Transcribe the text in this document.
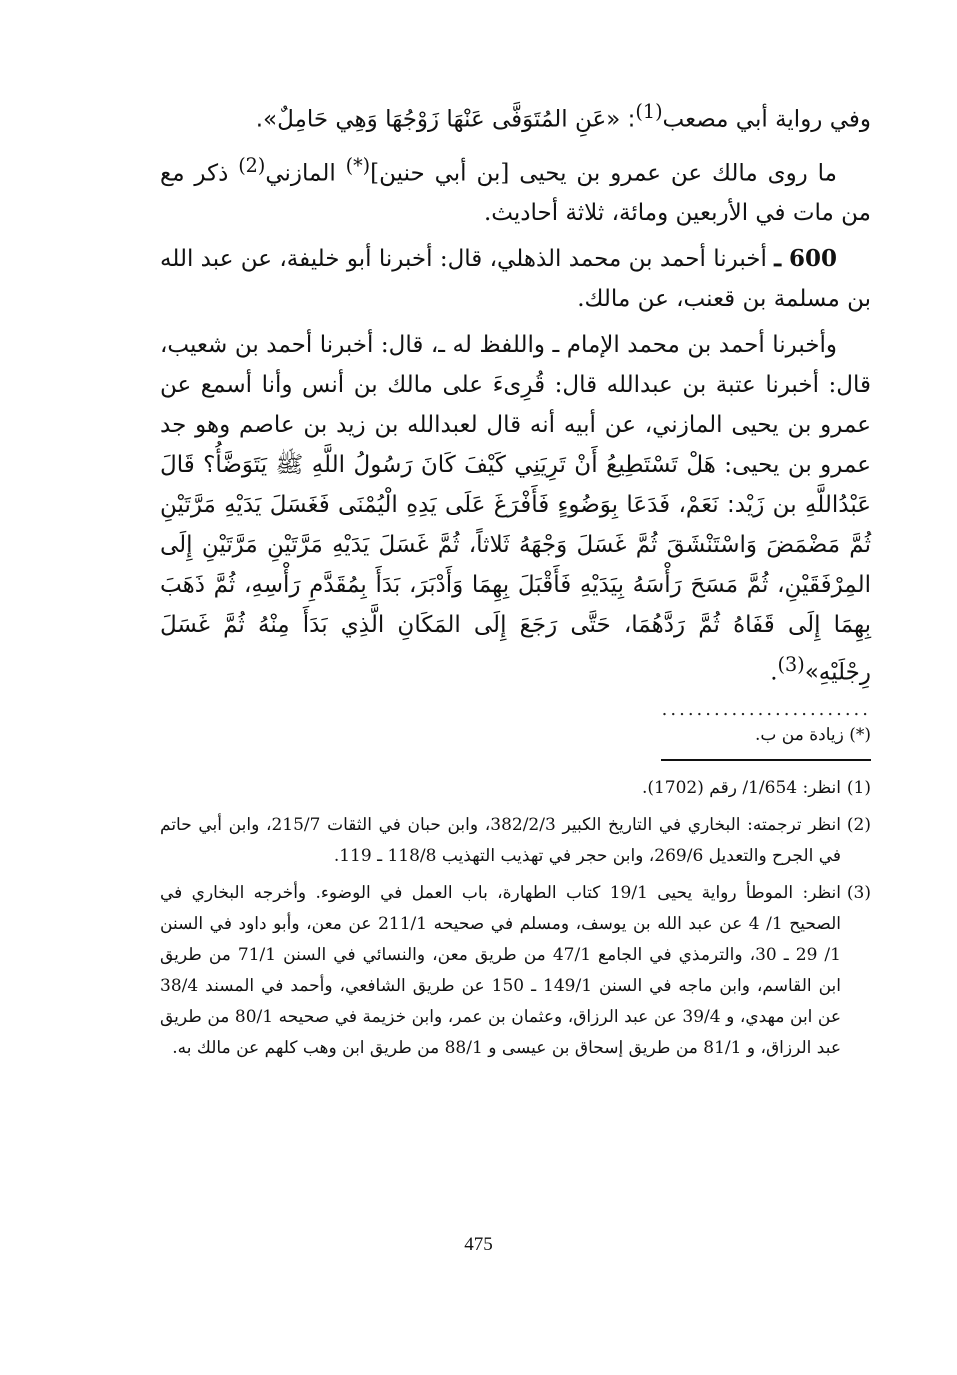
وفي رواية أبي مصعب$^{(1)}$: «عَنِ المُتَوَفَّى عَنْهَا زَوْجُهَا وَهِي حَامِلٌ».

ما روى مالك عن عمرو بن يحيى [بن أبي حنين](*) المازني$^{(2)}$ ذكر مع من مات في الأربعين ومائة، ثلاثة أحاديث.

600 ـ أخبرنا أحمد بن محمد الذهلي، قال: أخبرنا أبو خليفة، عن عبد الله بن مسلمة بن قعنب، عن مالك.

وأخبرنا أحمد بن محمد الإمام ـ واللفظ له ـ، قال: أخبرنا أحمد بن شعيب، قال: أخبرنا عتبة بن عبدالله قال: قُرِىءَ على مالك بن أنس وأنا أسمع عن عمرو بن يحيى المازني، عن أبيه أنه قال لعبدالله بن زيد بن عاصم وهو جد عمرو بن يحيى: هَلْ تَسْتَطِيعُ أَنْ تَرِيَنِي كَيْفَ كَانَ رَسُولُ اللَّهِ ﷺ يَتَوَضَّأُ؟ قَالَ عَبْدُاللَّهِ بن زَيْد: نَعَمْ، فَدَعَا بِوَضُوءٍ فَأَفْرَغَ عَلَى يَدِهِ الْيُمْنَى فَغَسَلَ يَدَيْهِ مَرَّتَيْنِ ثُمَّ مَضْمَضَ وَاسْتَنْشَقَ ثُمَّ غَسَلَ وَجْهَهُ ثَلاثاً، ثُمَّ غَسَلَ يَدَيْهِ مَرَّتَيْنِ مَرَّتَيْنِ إِلَى المِرْفَقَيْنِ، ثُمَّ مَسَحَ رَأْسَهُ بِيَدَيْهِ فَأَقْبَلَ بِهِمَا وَأَدْبَرَ، بَدَأَ بِمُقَدَّمِ رَأْسِهِ، ثُمَّ ذَهَبَ بِهِمَا إِلَى قَفَاهُ ثُمَّ رَدَّهُمَا، حَتَّى رَجَعَ إِلَى المَكَانِ الَّذِي بَدَأَ مِنْهُ ثُمَّ غَسَلَ رِجْلَيْهِ»$^{(3)}$.

........................
(*) زيادة من ب.
(1)
انظر: 1/654/ رقم (1702).
(2)
انظر ترجمته: البخاري في التاريخ الكبير 382/2/3، وابن حبان في الثقات 215/7، وابن أبي حاتم في الجرح والتعديل 269/6، وابن حجر في تهذيب التهذيب 118/8 ـ 119.
(3)
انظر: الموطأ رواية يحيى 19/1 كتاب الطهارة، باب العمل في الوضوء. وأخرجه البخاري في الصحيح 1/ 4 عن عبد الله بن يوسف، ومسلم في صحيحه 211/1 عن معن، وأبو داود في السنن 1/ 29 ـ 30، والترمذي في الجامع 47/1 من طريق معن، والنسائي في السنن 71/1 من طريق ابن القاسم، وابن ماجه في السنن 149/1 ـ 150 عن طريق الشافعي، وأحمد في المسند 38/4 عن ابن مهدي، و 39/4 عن عبد الرزاق، وعثمان بن عمر، وابن خزيمة في صحيحه 80/1 من طريق عبد الرزاق، و 81/1 من طريق إسحاق بن عيسى و 88/1 من طريق ابن وهب كلهم عن مالك به.
475
